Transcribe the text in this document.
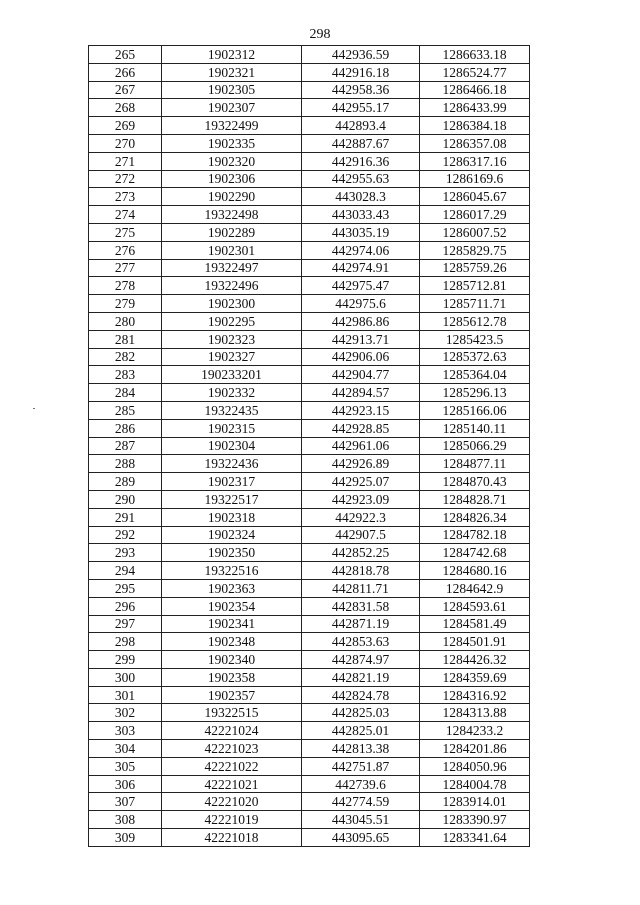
298
265	1902312	442936.59	1286633.18
266	1902321	442916.18	1286524.77
267	1902305	442958.36	1286466.18
268	1902307	442955.17	1286433.99
269	19322499	442893.4	1286384.18
270	1902335	442887.67	1286357.08
271	1902320	442916.36	1286317.16
272	1902306	442955.63	1286169.6
273	1902290	443028.3	1286045.67
274	19322498	443033.43	1286017.29
275	1902289	443035.19	1286007.52
276	1902301	442974.06	1285829.75
277	19322497	442974.91	1285759.26
278	19322496	442975.47	1285712.81
279	1902300	442975.6	1285711.71
280	1902295	442986.86	1285612.78
281	1902323	442913.71	1285423.5
282	1902327	442906.06	1285372.63
283	190233201	442904.77	1285364.04
284	1902332	442894.57	1285296.13
285	19322435	442923.15	1285166.06
286	1902315	442928.85	1285140.11
287	1902304	442961.06	1285066.29
288	19322436	442926.89	1284877.11
289	1902317	442925.07	1284870.43
290	19322517	442923.09	1284828.71
291	1902318	442922.3	1284826.34
292	1902324	442907.5	1284782.18
293	1902350	442852.25	1284742.68
294	19322516	442818.78	1284680.16
295	1902363	442811.71	1284642.9
296	1902354	442831.58	1284593.61
297	1902341	442871.19	1284581.49
298	1902348	442853.63	1284501.91
299	1902340	442874.97	1284426.32
300	1902358	442821.19	1284359.69
301	1902357	442824.78	1284316.92
302	19322515	442825.03	1284313.88
303	42221024	442825.01	1284233.2
304	42221023	442813.38	1284201.86
305	42221022	442751.87	1284050.96
306	42221021	442739.6	1284004.78
307	42221020	442774.59	1283914.01
308	42221019	443045.51	1283390.97
309	42221018	443095.65	1283341.64
